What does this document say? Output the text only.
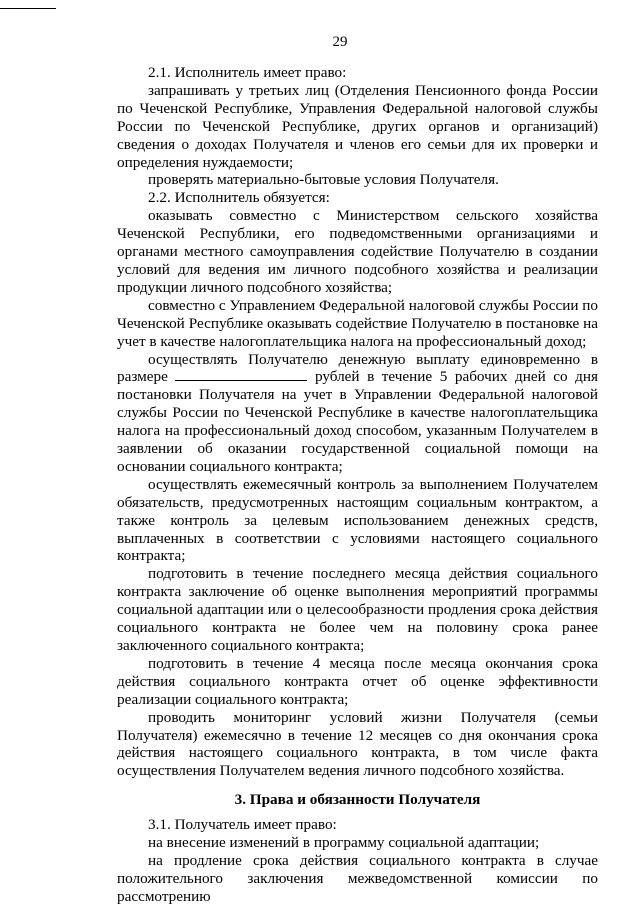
29

2.1. Исполнитель имеет право:

запрашивать у третьих лиц (Отделения Пенсионного фонда России по Чеченской Республике, Управления Федеральной налоговой службы России по Чеченской Республике, других органов и организаций) сведения о доходах Получателя и членов его семьи для их проверки и определения нуждаемости;

проверять материально-бытовые условия Получателя.

2.2. Исполнитель обязуется:

оказывать совместно с Министерством сельского хозяйства Чеченской Республики, его подведомственными организациями и органами местного самоуправления содействие Получателю в создании условий для ведения им личного подсобного хозяйства и реализации продукции личного подсобного хозяйства;

совместно с Управлением Федеральной налоговой службы России по Чеченской Республике оказывать содействие Получателю в постановке на учет в качестве налогоплательщика налога на профессиональный доход;

осуществлять Получателю денежную выплату единовременно в размере	рублей в течение 5 рабочих дней со дня постановки Получателя на учет в Управлении Федеральной налоговой службы России по Чеченской Республике в качестве налогоплательщика налога на профессиональный доход способом, указанным Получателем в заявлении об оказании государственной социальной помощи на основании социального контракта;

осуществлять ежемесячный контроль за выполнением Получателем обязательств, предусмотренных настоящим социальным контрактом, а также контроль за целевым использованием денежных средств, выплаченных в соответствии с условиями настоящего социального контракта;

подготовить в течение последнего месяца действия социального контракта заключение об оценке выполнения мероприятий программы социальной адаптации или о целесообразности продления срока действия социального контракта не более чем на половину срока ранее заключенного социального контракта;

подготовить в течение 4 месяца после месяца окончания срока действия социального контракта отчет об оценке эффективности реализации социального контракта;

проводить мониторинг условий жизни Получателя (семьи Получателя) ежемесячно в течение 12 месяцев со дня окончания срока действия настоящего социального контракта, в том числе факта осуществления Получателем ведения личного подсобного хозяйства.

3. Права и обязанности Получателя

3.1. Получатель имеет право:

на внесение изменений в программу социальной адаптации;

на продление срока действия социального контракта в случае положительного заключения межведомственной комиссии по рассмотрению
